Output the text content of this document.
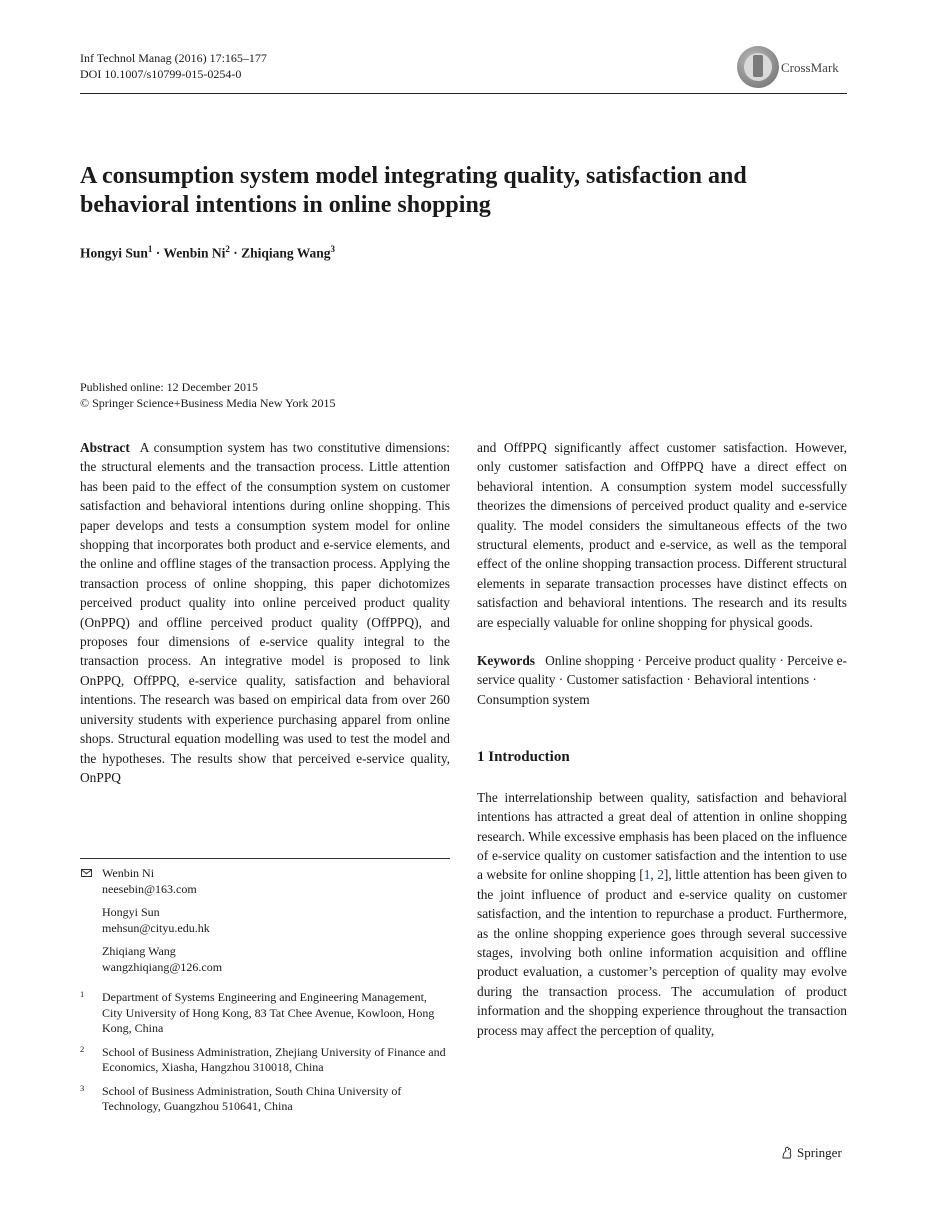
Inf Technol Manag (2016) 17:165–177
DOI 10.1007/s10799-015-0254-0	CrossMark
A consumption system model integrating quality, satisfaction and behavioral intentions in online shopping
Hongyi Sun$^1$ · Wenbin $Ni^2$ · Zhiqiang Wang$^3$
Published online: 12 December 2015
© Springer Science+Business Media New York 2015

Abstract A consumption system has two constitutive dimensions: the structural elements and the transaction process. Little attention has been paid to the effect of the consumption system on customer satisfaction and behavioral intentions during online shopping. This paper develops and tests a consumption system model for online shopping that incorporates both product and e-service elements, and the online and offline stages of the transaction process. Applying the transaction process of online shopping, this paper dichotomizes perceived product quality into online perceived product quality (OnPPQ) and offline perceived product quality (OffPPQ), and proposes four dimensions of e-service quality integral to the transaction process. An integrative model is proposed to link OnPPQ, OffPPQ, e-service quality, satisfaction and behavioral intentions. The research was based on empirical data from over 260 university students with experience purchasing apparel from online shops. Structural equation modelling was used to test the model and the hypotheses. The results show that perceived e-service quality, OnPPQ

and OffPPQ significantly affect customer satisfaction. However, only customer satisfaction and OffPPQ have a direct effect on behavioral intention. A consumption system model successfully theorizes the dimensions of perceived product quality and e-service quality. The model considers the simultaneous effects of the two structural elements, product and e-service, as well as the temporal effect of the online shopping transaction process. Different structural elements in separate transaction processes have distinct effects on satisfaction and behavioral intentions. The research and its results are especially valuable for online shopping for physical goods.

Keywords Online shopping · Perceive product quality · Perceive e-service quality · Customer satisfaction · Behavioral intentions · Consumption system

1 Introduction

The interrelationship between quality, satisfaction and behavioral intentions has attracted a great deal of attention in online shopping research. While excessive emphasis has been placed on the influence of e-service quality on customer satisfaction and the intention to use a website for online shopping [1, 2], little attention has been given to the joint influence of product and e-service quality on customer satisfaction, and the intention to repurchase a product. Furthermore, as the online shopping experience goes through several successive stages, involving both online information acquisition and offline product evaluation, a customer’s perception of quality may evolve during the transaction process. The accumulation of product information and the shopping experience throughout the transaction process may affect the perception of quality,

Wenbin Ni
neesebin@163.com
Hongyi Sun
mehsun@cityu.edu.hk
Zhiqiang Wang
wangzhiqiang@126.com
1 Department of Systems Engineering and Engineering Management, City University of Hong Kong, 83 Tat Chee Avenue, Kowloon, Hong Kong, China
2 School of Business Administration, Zhejiang University of Finance and Economics, Xiasha, Hangzhou 310018, China
3 School of Business Administration, South China University of Technology, Guangzhou 510641, China
Springer
